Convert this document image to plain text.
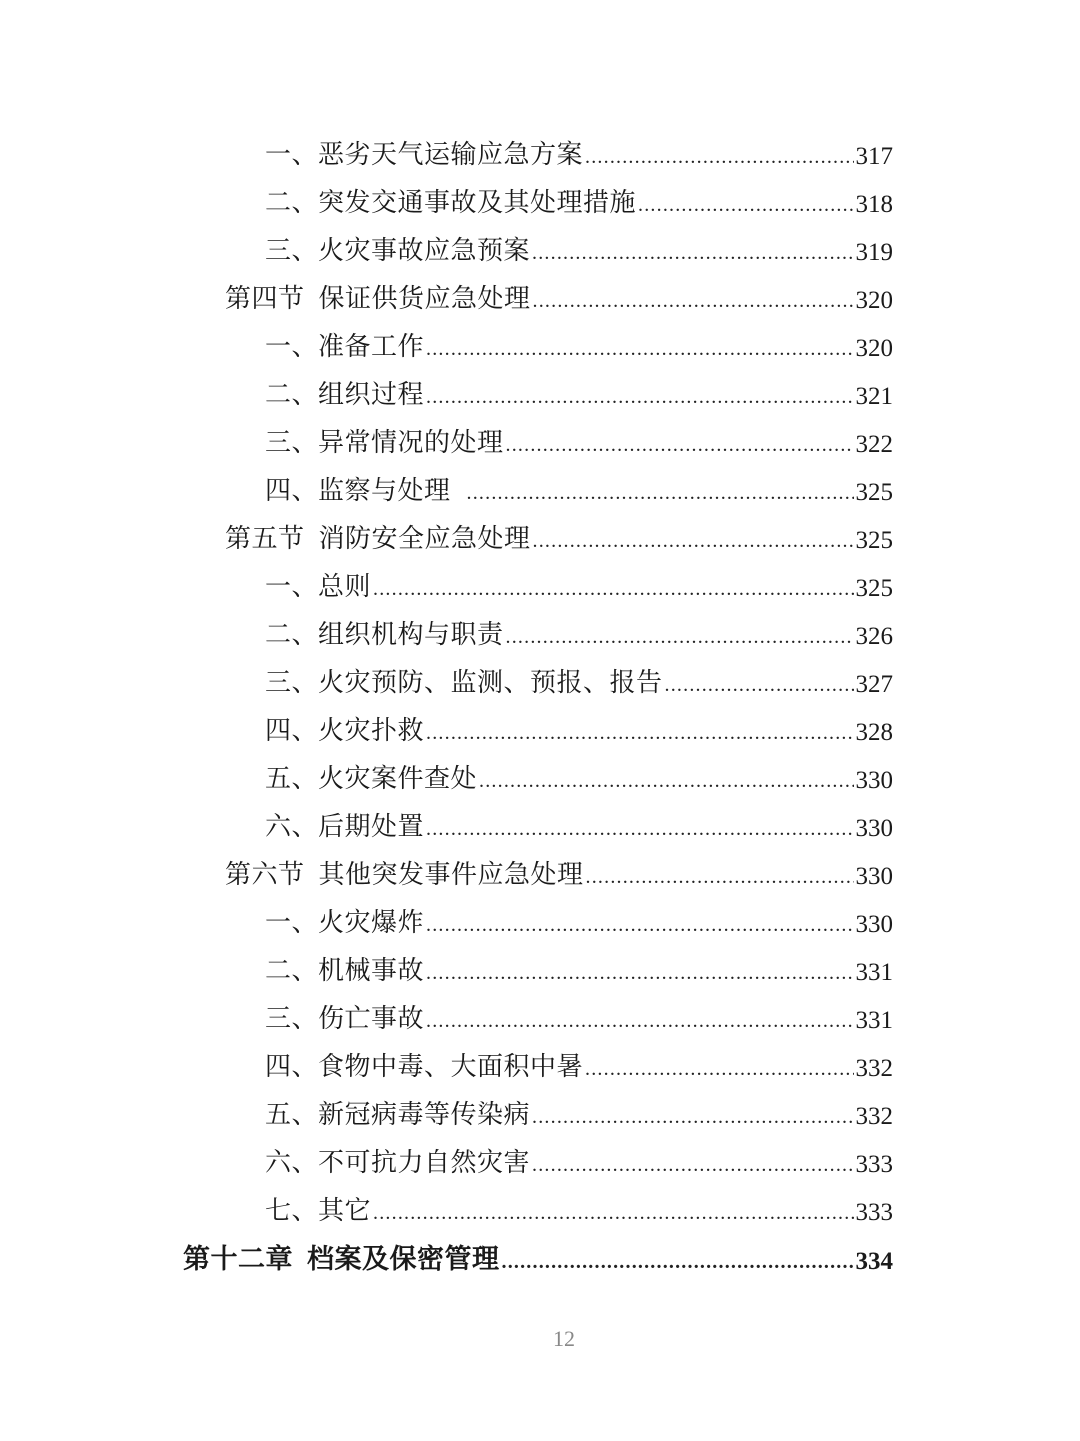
一、恶劣天气运输应急方案 .....	317
二、突发交通事故及其处理措施 .....	318
三、火灾事故应急预案 .....	319
第四节 保证供货应急处理 .....	320
一、准备工作 .....	320
二、组织过程 .....	321
三、异常情况的处理 .....	322
四、监察与处理 .....	325
第五节 消防安全应急处理 .....	325
一、总则 .....	325
二、组织机构与职责 .....	326
三、火灾预防、监测、预报、报告 .....	327
四、火灾扑救 .....	328
五、火灾案件查处 .....	330
六、后期处置 .....	330
第六节 其他突发事件应急处理 .....	330
一、火灾爆炸 .....	330
二、机械事故 .....	331
三、伤亡事故 .....	331
四、食物中毒、大面积中暑 .....	332
五、新冠病毒等传染病 .....	332
六、不可抗力自然灾害 .....	333
七、其它 .....	333
第十二章 档案及保密管理 .....	334
12
